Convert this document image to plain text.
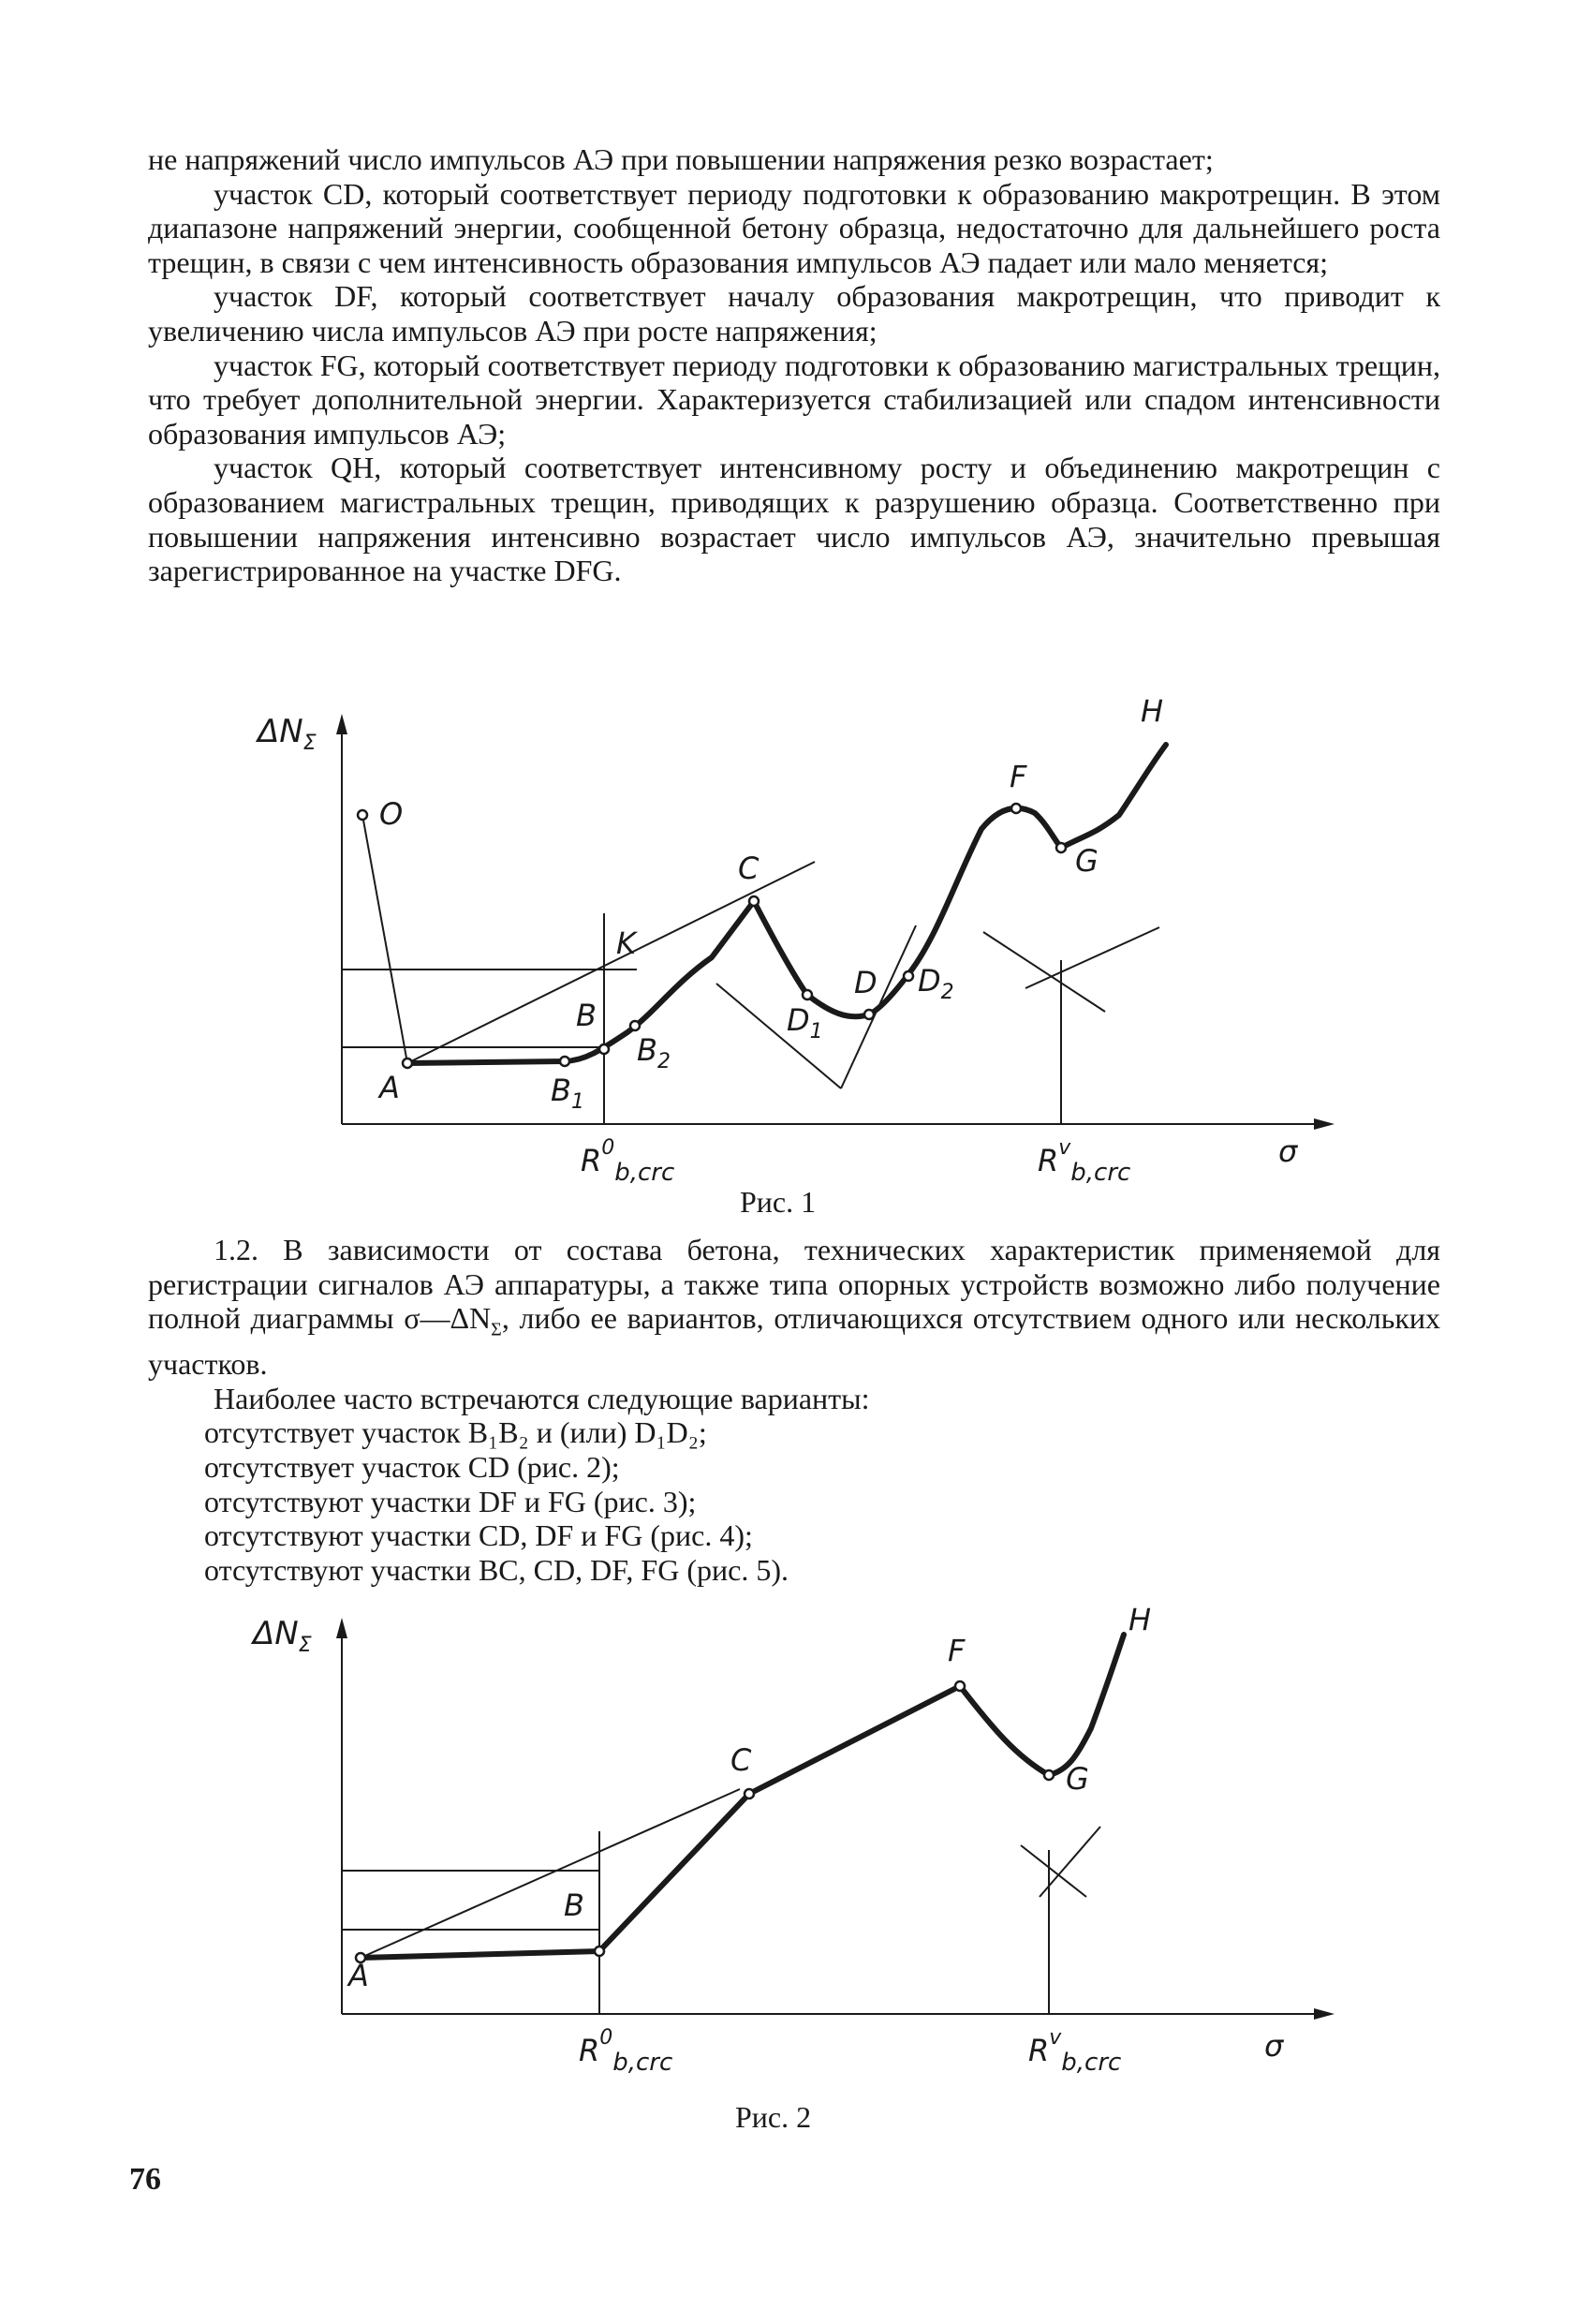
не напряжений число импульсов АЭ при повышении напряжения резко возрастает;

участок CD, который соответствует периоду подготовки к образованию макротрещин. В этом диапазоне напряжений энергии, сообщенной бетону образца, недостаточно для дальнейшего роста трещин, в связи с чем интенсивность образования импульсов АЭ падает или мало меняется;

участок DF, который соответствует началу образования макротрещин, что приводит к увеличению числа импульсов АЭ при росте напряжения;

участок FG, который соответствует периоду подготовки к образованию магистральных трещин, что требует дополнительной энергии. Характеризуется стабилизацией или спадом интенсивности образования импульсов АЭ;

участок QH, который соответствует интенсивному росту и объединению макротрещин с образованием магистральных трещин, приводящих к разрушению образца. Соответственно при повышении напряжения интенсивно возрастает число импульсов АЭ, значительно превышая зарегистрированное на участке DFG.

$\Delta N_\Sigma$
O
A	$B_1$
B
$B_2$
K
C
$D_1$
D $D_2$
F
G
H
$R^0_{b,crc}$	$R^v_{b,crc}$
σ
Рис. 1

1.2. В зависимости от состава бетона, технических характеристик применяемой для регистрации сигналов АЭ аппаратуры, а также типа опорных устройств возможно либо получение полной диаграммы $\sigma—\Delta N_\Sigma$, либо ее вариантов, отличающихся отсутствием одного или нескольких участков.

Наиболее часто встречаются следующие варианты:

отсутствует участок B₁B₂ и (или) D₁D₂;
отсутствует участок CD (рис. 2);
отсутствуют участки DF и FG (рис. 3);
отсутствуют участки CD, DF и FG (рис. 4);
отсутствуют участки BC, CD, DF, FG (рис. 5).
$\Delta N_\Sigma$
A
B
C
F
G
H
$R^0_{b,crc}$	$R^v_{b,crc}$	σ
Рис. 2
76
